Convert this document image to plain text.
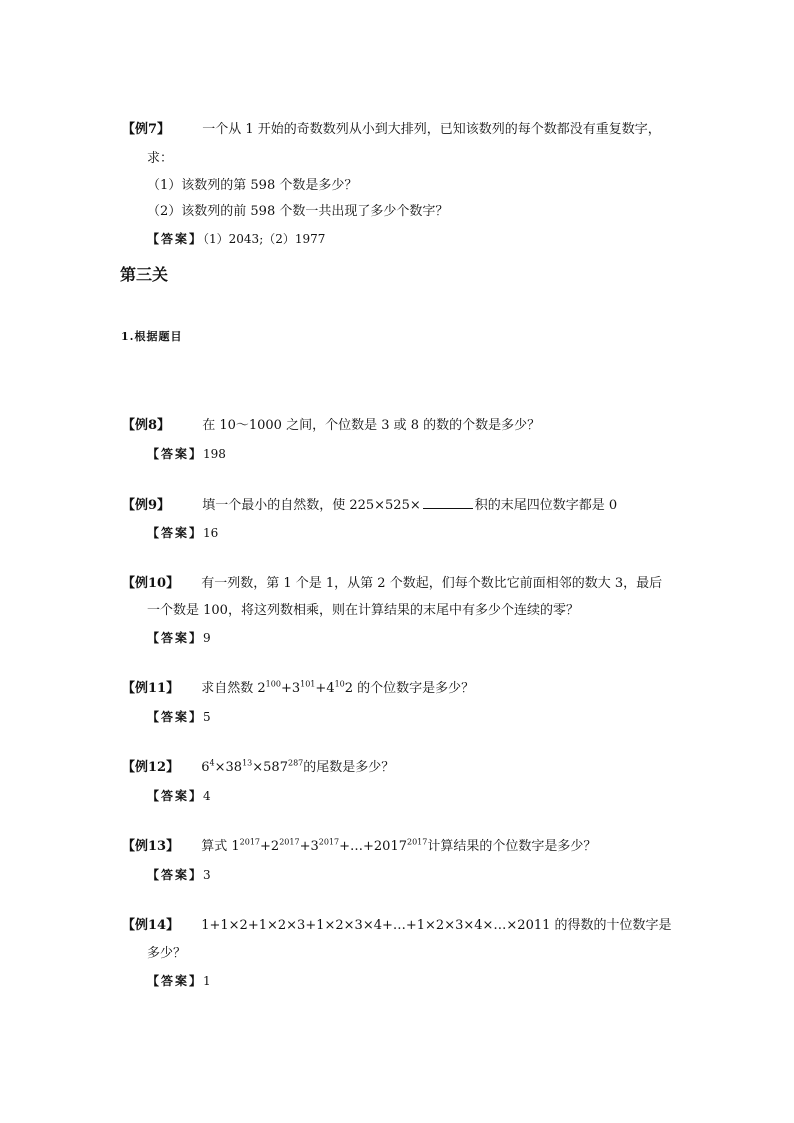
【例7】 一个从 1 开始的奇数数列从小到大排列，已知该数列的每个数都没有重复数字，
求：
（1）该数列的第 598 个数是多少？
（2）该数列的前 598 个数一共出现了多少个数字？
【答案】（1）2043;（2）1977
第三关
1.根据题目
【例8】 在 10～1000 之间，个位数是 3 或 8 的数的个数是多少？
【答案】198
【例9】 填一个最小的自然数，使 225×525×	积的末尾四位数字都是 0
【答案】16
【例10】 有一列数，第 1 个是 1，从第 2 个数起，们每个数比它前面相邻的数大 3，最后
一个数是 100，将这列数相乘，则在计算结果的末尾中有多少个连续的零？
【答案】9
【例11】 求自然数 $2^{100}+3^{101}+4^{10}2$ 的个位数字是多少？
【答案】5
【例12】 $6^4\times 38^{13}\times 587^{287}$的尾数是多少？
【答案】4
【例13】 算式 $1^{2017}+2^{2017}+3^{2017}+\dots+2017^{2017}$计算结果的个位数字是多少？
【答案】3
【例14】 1+1×2+1×2×3+1×2×3×4+…+1×2×3×4×…×2011 的得数的十位数字是
多少？
【答案】1
